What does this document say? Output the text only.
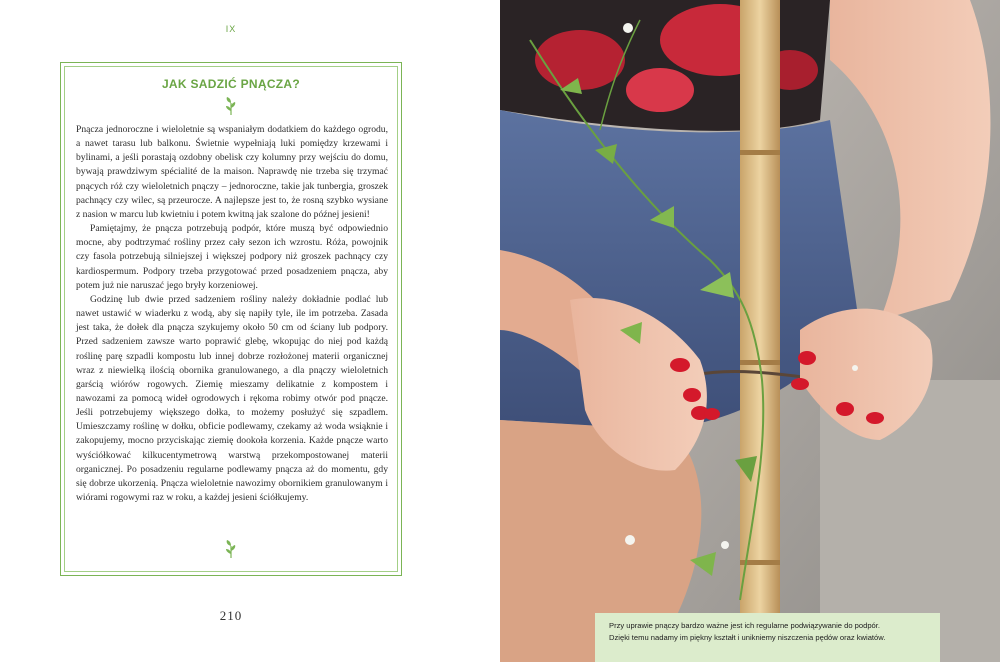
IX
JAK SADZIĆ PNĄCZA?

Pnącza jednoroczne i wieloletnie są wspaniałym dodatkiem do każdego ogrodu, a nawet tarasu lub balkonu. Świetnie wypełniają luki pomiędzy krzewami i bylinami, a jeśli porastają ozdobny obelisk czy kolumny przy wejściu do domu, bywają prawdziwym spécialité de la maison. Naprawdę nie trzeba się trzymać pnących róż czy wieloletnich pnączy – jednoroczne, takie jak tunbergia, groszek pachnący czy wilec, są przeurocze. A najlepsze jest to, że rosną szybko wysiane z nasion w marcu lub kwietniu i potem kwitną jak szalone do późnej jesieni!

Pamiętajmy, że pnącza potrzebują podpór, które muszą być odpowiednio mocne, aby podtrzymać rośliny przez cały sezon ich wzrostu. Róża, powojnik czy fasola potrzebują silniejszej i większej podpory niż groszek pachnący czy kardiospermum. Podpory trzeba przygotować przed posadzeniem pnącza, aby potem już nie naruszać jego bryły korzeniowej.

Godzinę lub dwie przed sadzeniem rośliny należy dokładnie podlać lub nawet ustawić w wiaderku z wodą, aby się napiły tyle, ile im potrzeba. Zasada jest taka, że dołek dla pnącza szykujemy około 50 cm od ściany lub podpory. Przed sadzeniem zawsze warto poprawić glebę, wkopując do niej pod każdą roślinę parę szpadli kompostu lub innej dobrze rozłożonej materii organicznej wraz z niewielką ilością obornika granulowanego, a dla pnączy wieloletnich garścią wiórów rogowych. Ziemię mieszamy delikatnie z kompostem i nawozami za pomocą wideł ogrodowych i rękoma robimy otwór pod pnącze. Jeśli potrzebujemy większego dołka, to możemy posłużyć się szpadlem. Umieszczamy roślinę w dołku, obficie podlewamy, czekamy aż woda wsiąknie i zakopujemy, mocno przyciskając ziemię dookoła korzenia. Każde pnącze warto wyściółkować kilkucentymetrową warstwą przekompostowanej materii organicznej. Po posadzeniu regularne podlewamy pnącza aż do momentu, gdy się dobrze ukorzenią. Pnącza wieloletnie nawozimy obornikiem granulowanym i wiórami rogowymi raz w roku, a każdej jesieni ściółkujemy.

210
Przy uprawie pnączy bardzo ważne jest ich regularne podwiązywanie do podpór.
Dzięki temu nadamy im piękny kształt i unikniemy niszczenia pędów oraz kwiatów.
